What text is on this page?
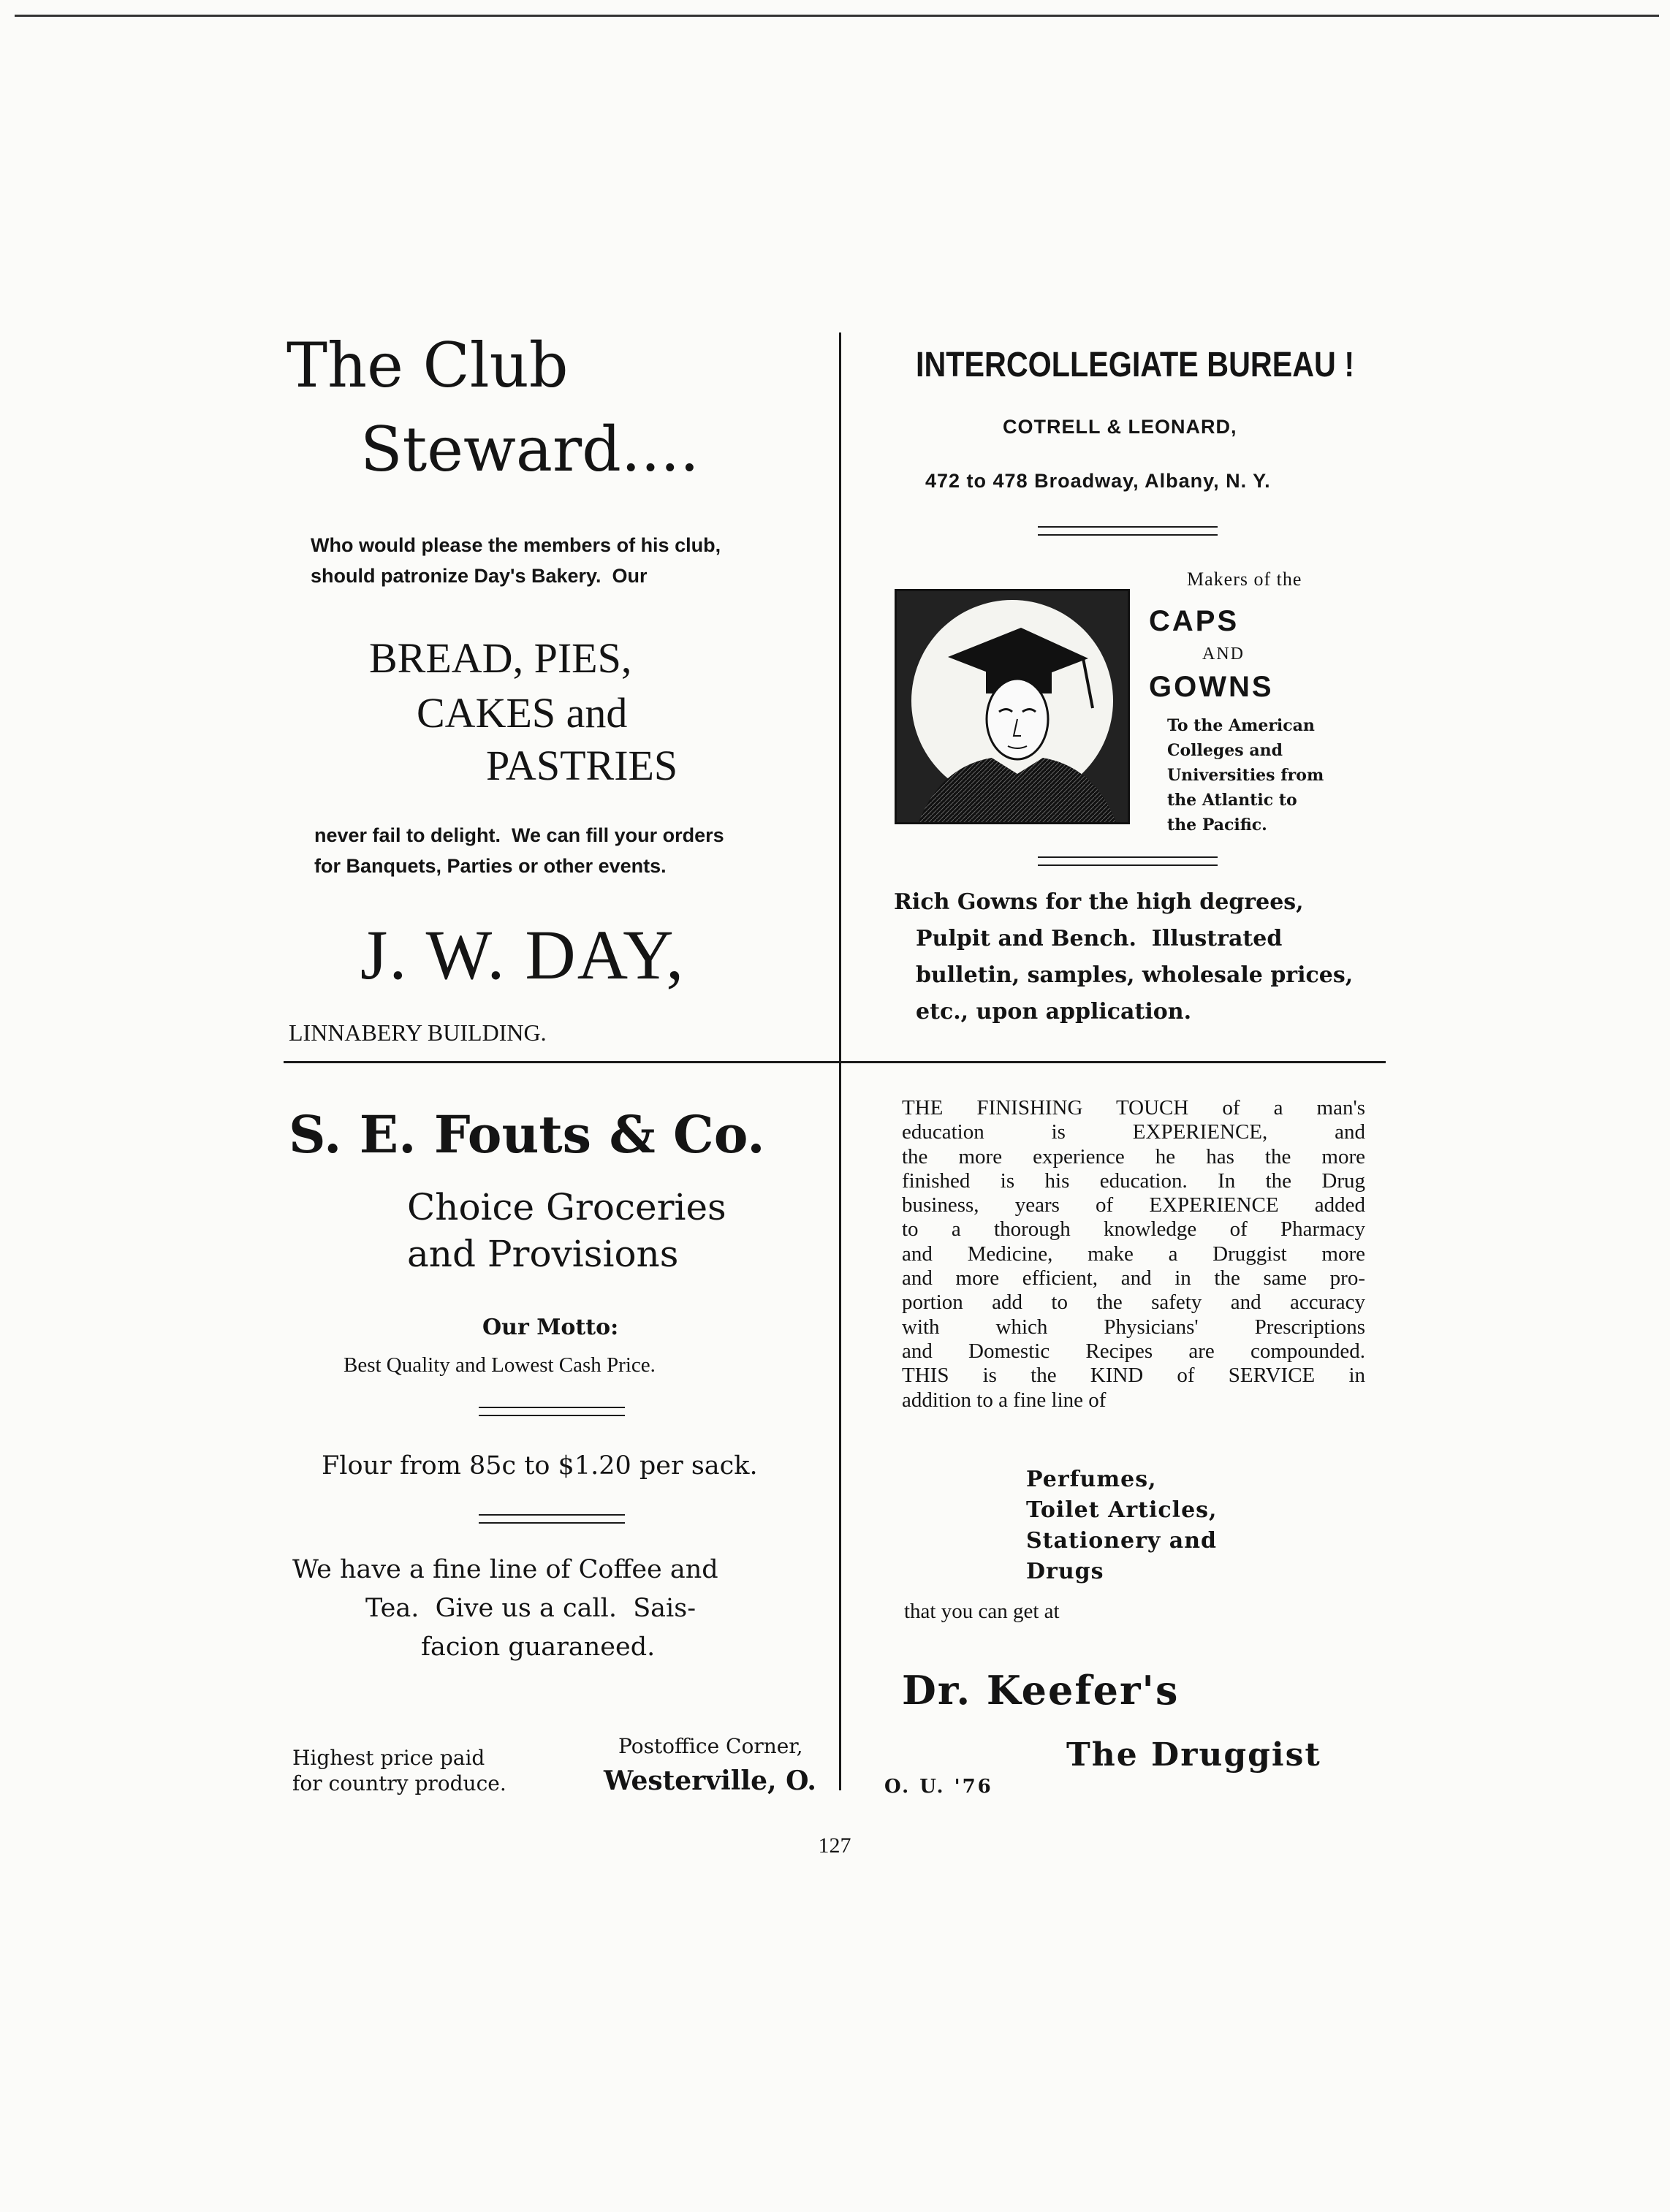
The Club
Steward....
Who would please the members of his club,
should patronize Day's Bakery.  Our
BREAD, PIES,
CAKES and
PASTRIES
never fail to delight.  We can fill your orders
for Banquets, Parties or other events.
J. W. DAY,
LINNABERY BUILDING.
INTERCOLLEGIATE BUREAU !
COTRELL & LEONARD,
472 to 478 Broadway, Albany, N. Y.
Makers of the
CAPS
AND
GOWNS
To the American
Colleges and
Universities from
the Atlantic to
the Pacific.
Rich Gowns for the high degrees,
Pulpit and Bench.  Illustrated
bulletin, samples, wholesale prices,
etc., upon application.
S. E. Fouts & Co.
Choice Groceries
and Provisions
Our Motto:
Best Quality and Lowest Cash Price.
Flour from 85c to $1.20 per sack.
We have a fine line of Coffee and
Tea.  Give us a call.  Sais-
facion guaraneed.
Highest price paid
for country produce.
Postoffice Corner,
Westerville, O.
THE FINISHING TOUCH of a man's
education is EXPERIENCE, and
the more experience he has the more
finished is his education. In the Drug
business, years of EXPERIENCE added
to a thorough knowledge of Pharmacy
and Medicine, make a Druggist more
and more efficient, and in the same pro-
portion add to the safety and accuracy
with which Physicians' Prescriptions
and Domestic Recipes are compounded.
THIS is the KIND of SERVICE in
addition to a fine line of
Perfumes,
Toilet Articles,
Stationery and
Drugs
that you can get at
Dr. Keefer's
The Druggist
O. U. '76
127
